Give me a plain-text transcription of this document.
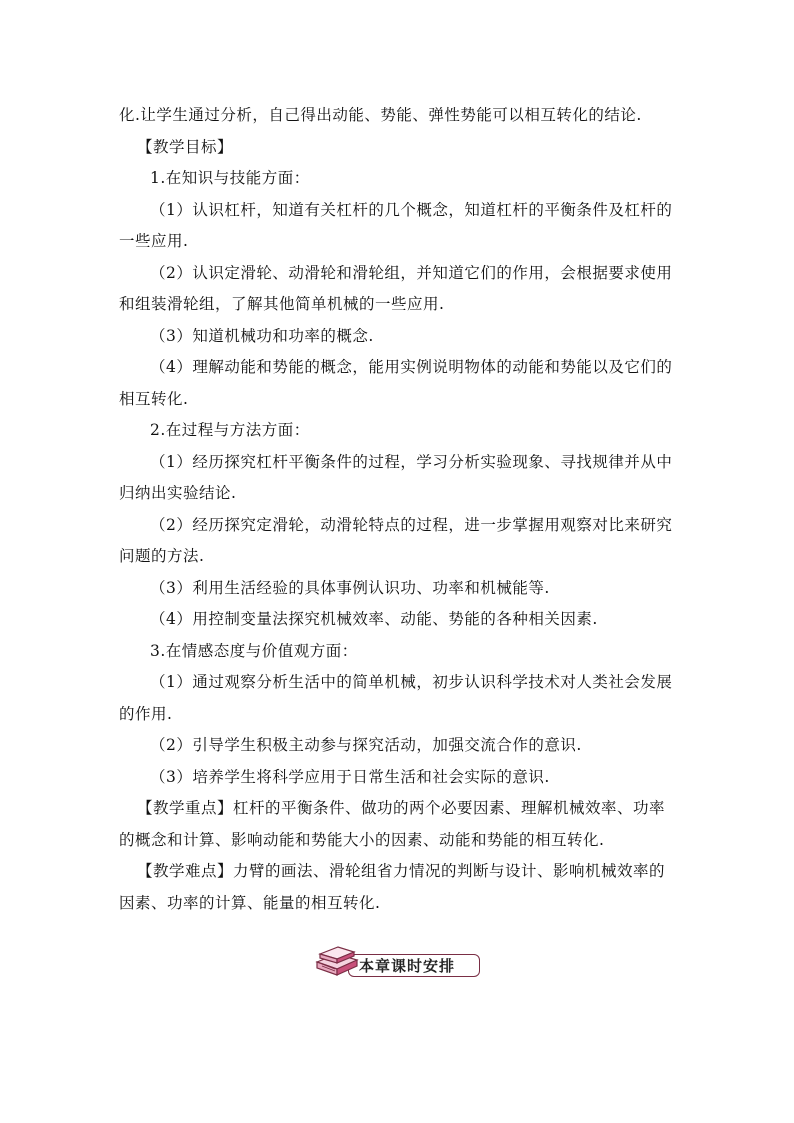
化.让学生通过分析，自己得出动能、势能、弹性势能可以相互转化的结论.

【教学目标】

1.在知识与技能方面：

（1）认识杠杆，知道有关杠杆的几个概念，知道杠杆的平衡条件及杠杆的

一些应用.

（2）认识定滑轮、动滑轮和滑轮组，并知道它们的作用，会根据要求使用

和组装滑轮组，了解其他简单机械的一些应用.

（3）知道机械功和功率的概念.

（4）理解动能和势能的概念，能用实例说明物体的动能和势能以及它们的

相互转化.

2.在过程与方法方面：

（1）经历探究杠杆平衡条件的过程，学习分析实验现象、寻找规律并从中

归纳出实验结论.

（2）经历探究定滑轮，动滑轮特点的过程，进一步掌握用观察对比来研究

问题的方法.

（3）利用生活经验的具体事例认识功、功率和机械能等.

（4）用控制变量法探究机械效率、动能、势能的各种相关因素.

3.在情感态度与价值观方面：

（1）通过观察分析生活中的简单机械，初步认识科学技术对人类社会发展

的作用.

（2）引导学生积极主动参与探究活动，加强交流合作的意识.

（3）培养学生将科学应用于日常生活和社会实际的意识.

【教学重点】杠杆的平衡条件、做功的两个必要因素、理解机械效率、功率

的概念和计算、影响动能和势能大小的因素、动能和势能的相互转化.

【教学难点】力臂的画法、滑轮组省力情况的判断与设计、影响机械效率的

因素、功率的计算、能量的相互转化.

本章课时安排
